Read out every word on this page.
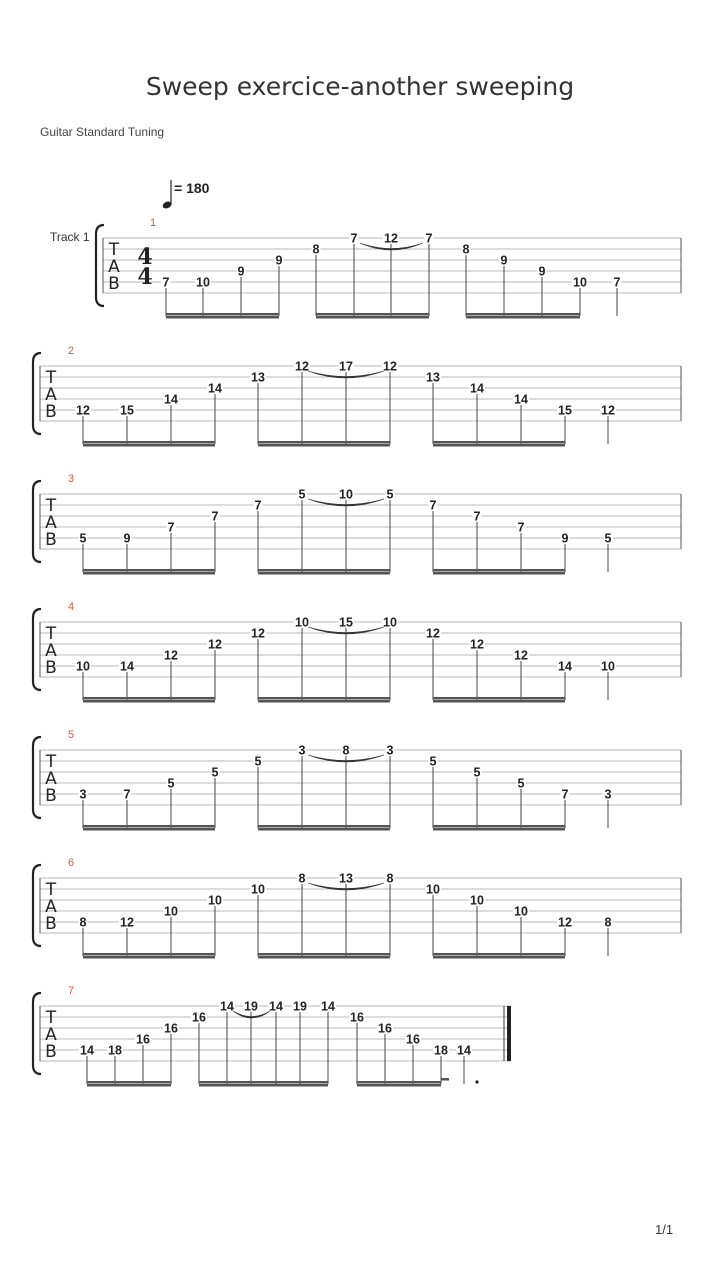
Sweep exercice-another sweeping
Guitar Standard Tuning
1/1
= 180
Track 1
T
A
B
4
4
1
7 10
9
9
8
7 12 7
8
9
9
10 7
T
A
B
2
12 15
14
14
13
12 17 12
13
14
14
15 12
T
A
B
3
5	9
7
7
7
5	10	5
7
7
7
9	5
T
A
B
4
10 14
12
12
12
10 15 10
12
12
12
14 10
T
A
B
5
3	7
5
5
5
3	8	3
5
5
5
7	3
T
A
B
6
8	12
10
10
10
8	13	8
10
10
10
12	8
T
A
B
7
14 18
16
16
16
14 19 14 19 14
16
16
16
18 14
